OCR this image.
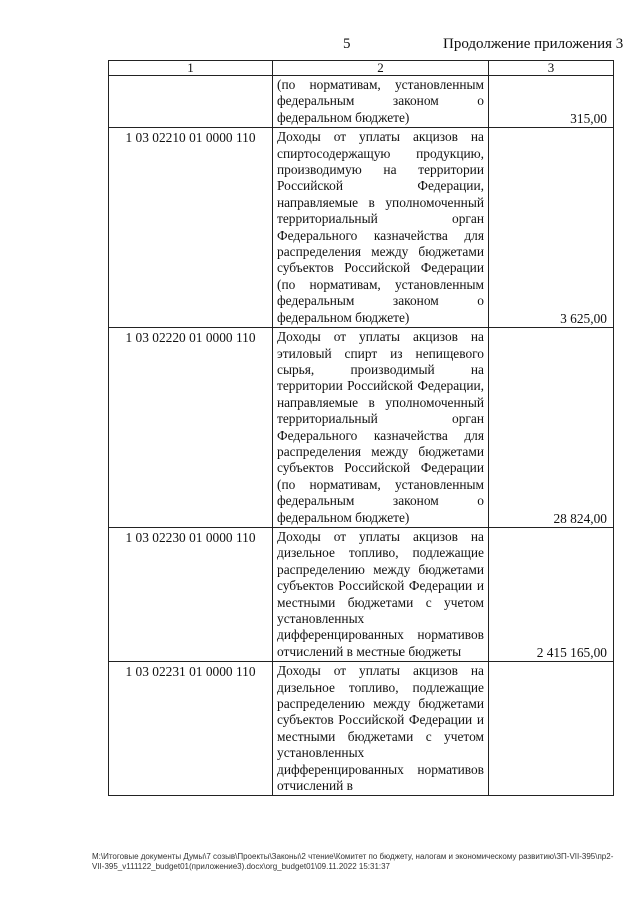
5	Продолжение приложения 3
1	2	3

	(по нормативам, установленным федеральным законом о федеральном бюджете)	315,00
1 03 02210 01 0000 110	Доходы от уплаты акцизов на спиртосодержащую продукцию, производимую на территории Российской Федерации, направляемые в уполномоченный территориальный орган Федерального казначейства для распределения между бюджетами субъектов Российской Федерации (по нормативам, установленным федеральным законом о федеральном бюджете)	3 625,00
1 03 02220 01 0000 110	Доходы от уплаты акцизов на этиловый спирт из непищевого сырья, производимый на территории Российской Федерации, направляемые в уполномоченный территориальный орган Федерального казначейства для распределения между бюджетами субъектов Российской Федерации (по нормативам, установленным федеральным законом о федеральном бюджете)	28 824,00
1 03 02230 01 0000 110	Доходы от уплаты акцизов на дизельное топливо, подлежащие распределению между бюджетами субъектов Российской Федерации и местными бюджетами с учетом установленных дифференцированных нормативов отчислений в местные бюджеты	2 415 165,00
1 03 02231 01 0000 110	Доходы от уплаты акцизов на дизельное топливо, подлежащие распределению между бюджетами субъектов Российской Федерации и местными бюджетами с учетом установленных дифференцированных нормативов отчислений в	

М:\Итоговые документы Думы\7 созыв\Проекты\Законы\2 чтение\Комитет по бюджету, налогам и экономическому развитию\ЗП-VII-395\пр2-VII-395_v111122_budget01(приложение3).docx\org_budget01\09.11.2022 15:31:37
